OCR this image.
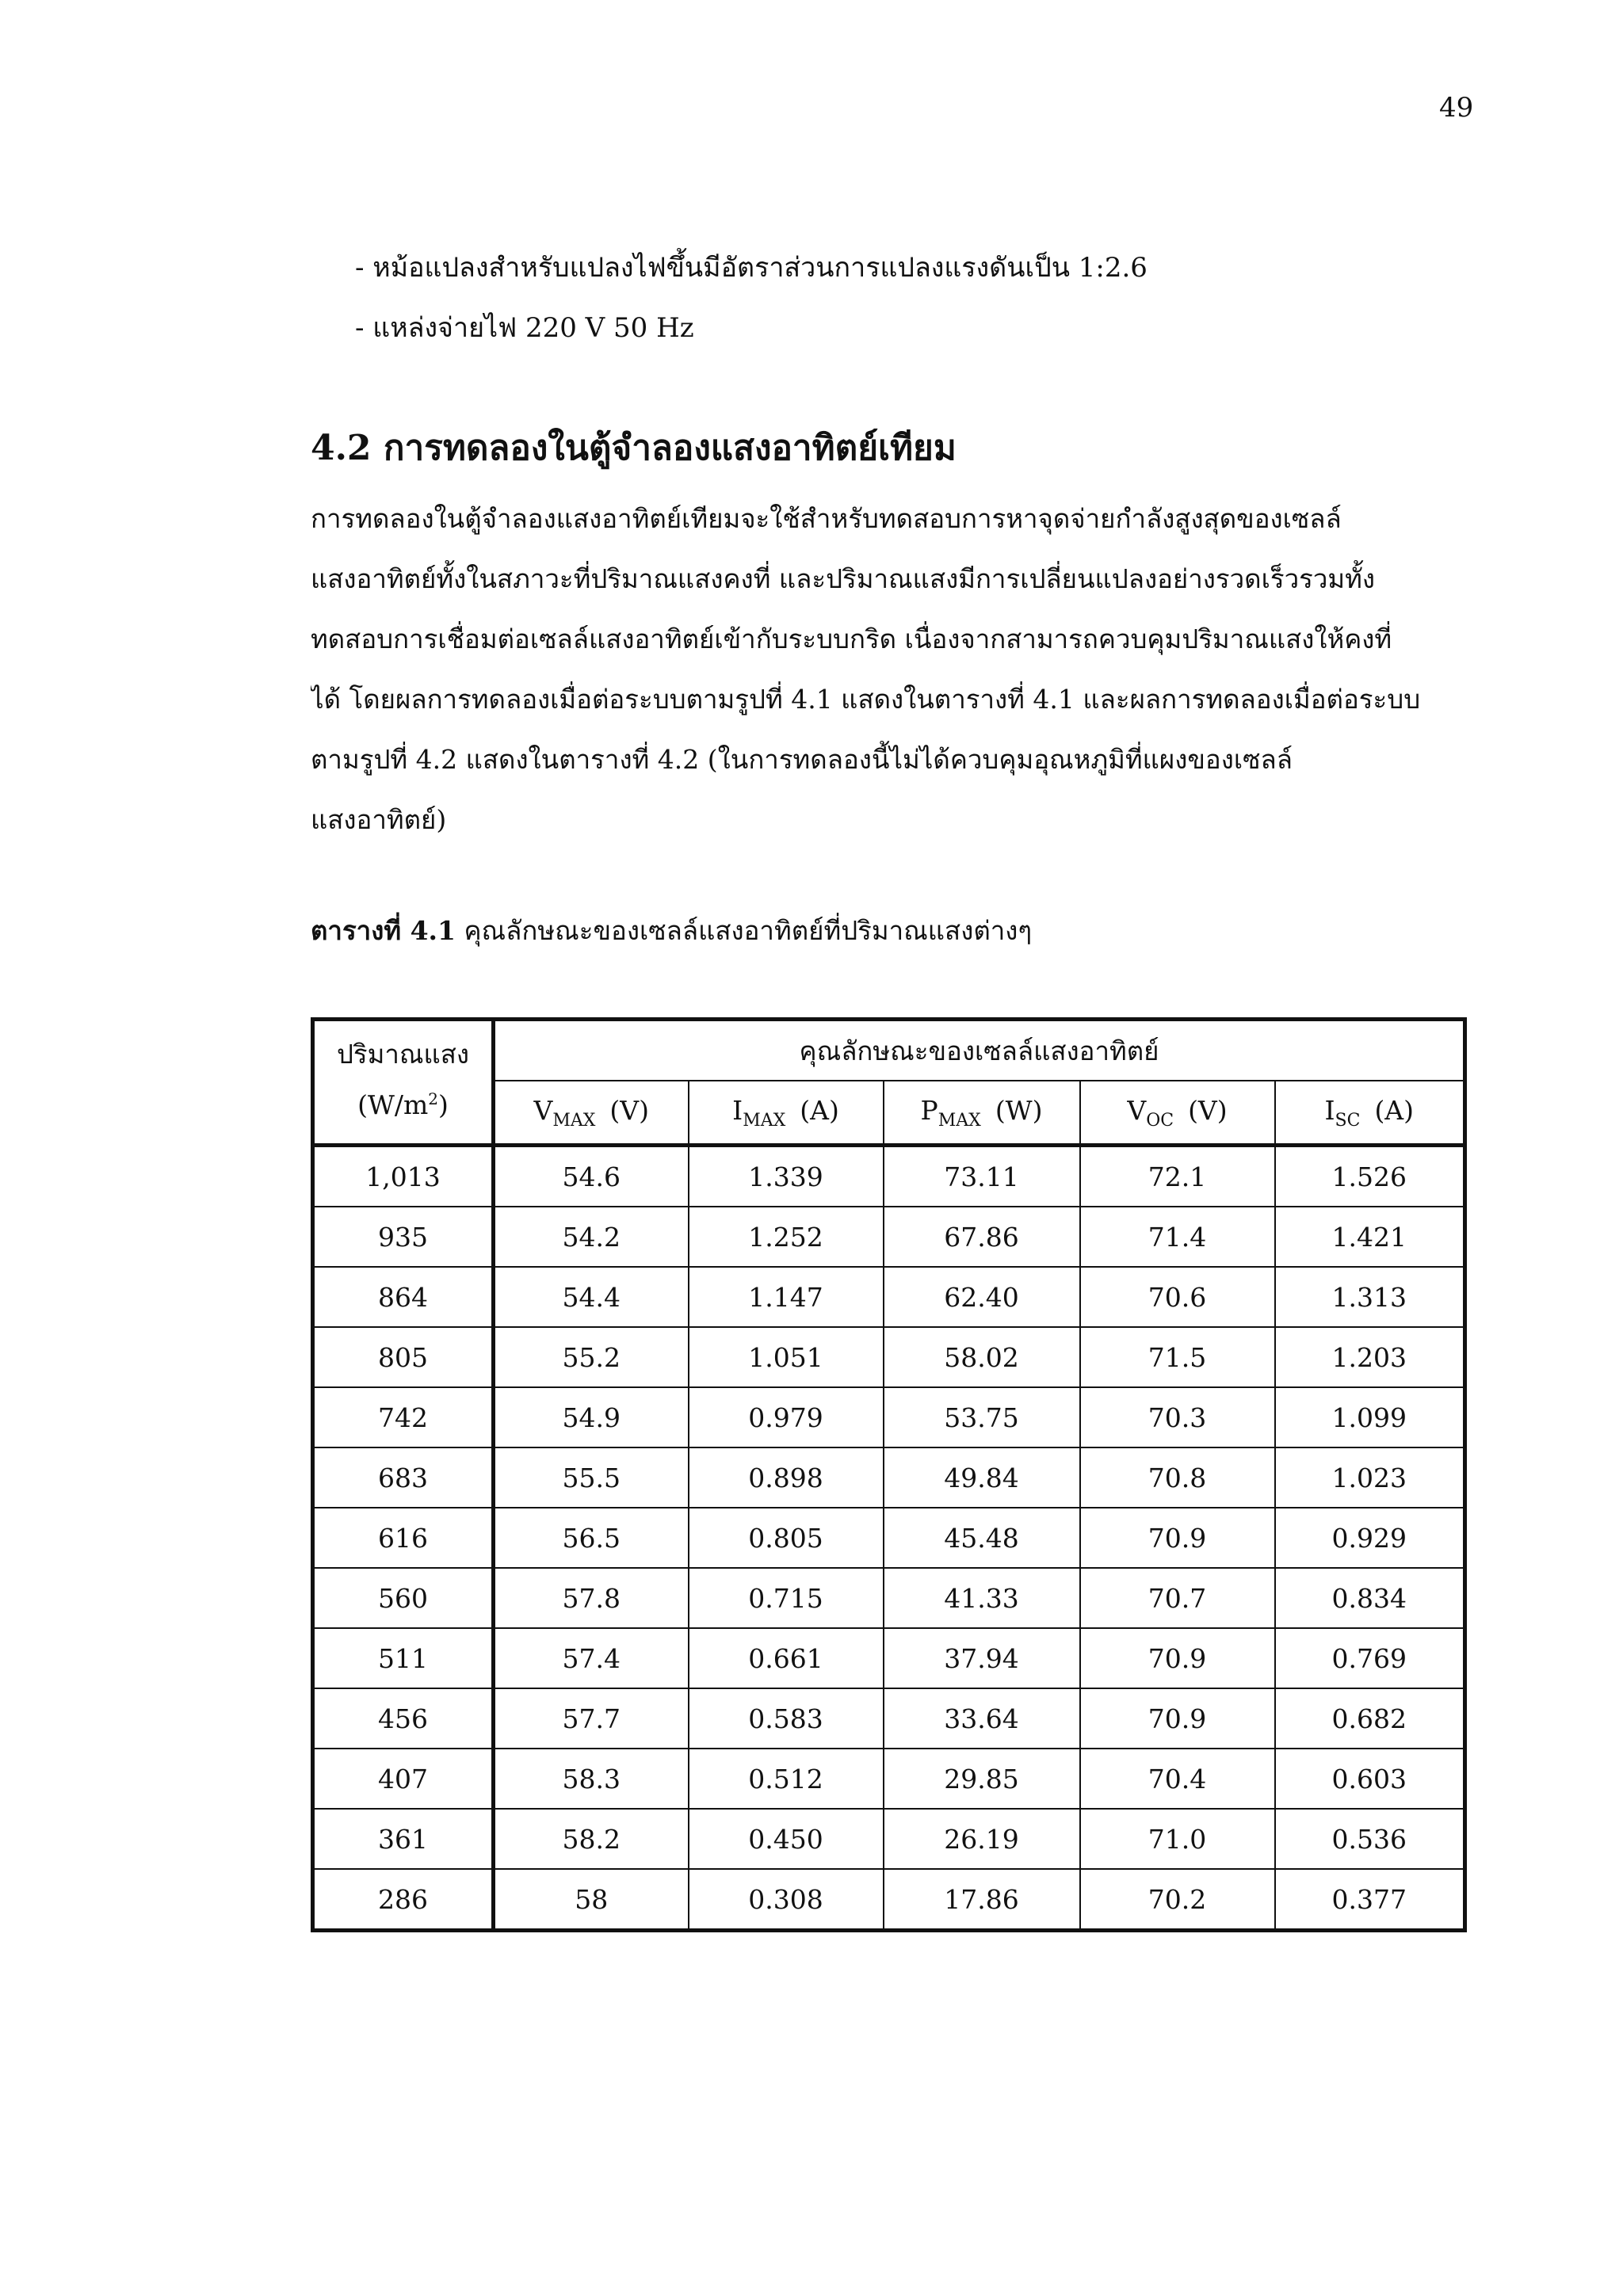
49
- หม้อแปลงสำหรับแปลงไฟขึ้นมีอัตราส่วนการแปลงแรงดันเป็น 1:2.6
- แหล่งจ่ายไฟ 220 V 50 Hz
4.2 การทดลองในตู้จำลองแสงอาทิตย์เทียม
การทดลองในตู้จำลองแสงอาทิตย์เทียมจะใช้สำหรับทดสอบการหาจุดจ่ายกำลังสูงสุดของเซลล์
แสงอาทิตย์ทั้งในสภาวะที่ปริมาณแสงคงที่ และปริมาณแสงมีการเปลี่ยนแปลงอย่างรวดเร็วรวมทั้ง
ทดสอบการเชื่อมต่อเซลล์แสงอาทิตย์เข้ากับระบบกริด เนื่องจากสามารถควบคุมปริมาณแสงให้คงที่
ได้ โดยผลการทดลองเมื่อต่อระบบตามรูปที่ 4.1 แสดงในตารางที่ 4.1 และผลการทดลองเมื่อต่อระบบ
ตามรูปที่ 4.2 แสดงในตารางที่ 4.2 (ในการทดลองนี้ไม่ได้ควบคุมอุณหภูมิที่แผงของเซลล์
แสงอาทิตย์)
ตารางที่ 4.1 คุณลักษณะของเซลล์แสงอาทิตย์ที่ปริมาณแสงต่างๆ
ปริมาณแสง
$(W/m^2)$	คุณลักษณะของเซลล์แสงอาทิตย์				
	$V_{MAX}$ (V)	$I_{MAX}$ (A)	$P_{MAX}$ (W)	$V_{OC}$ (V)	$I_{SC}$ (A)
1,013	54.6	1.339	73.11	72.1	1.526
935	54.2	1.252	67.86	71.4	1.421
864	54.4	1.147	62.40	70.6	1.313
805	55.2	1.051	58.02	71.5	1.203
742	54.9	0.979	53.75	70.3	1.099
683	55.5	0.898	49.84	70.8	1.023
616	56.5	0.805	45.48	70.9	0.929
560	57.8	0.715	41.33	70.7	0.834
511	57.4	0.661	37.94	70.9	0.769
456	57.7	0.583	33.64	70.9	0.682
407	58.3	0.512	29.85	70.4	0.603
361	58.2	0.450	26.19	71.0	0.536
286	58	0.308	17.86	70.2	0.377
